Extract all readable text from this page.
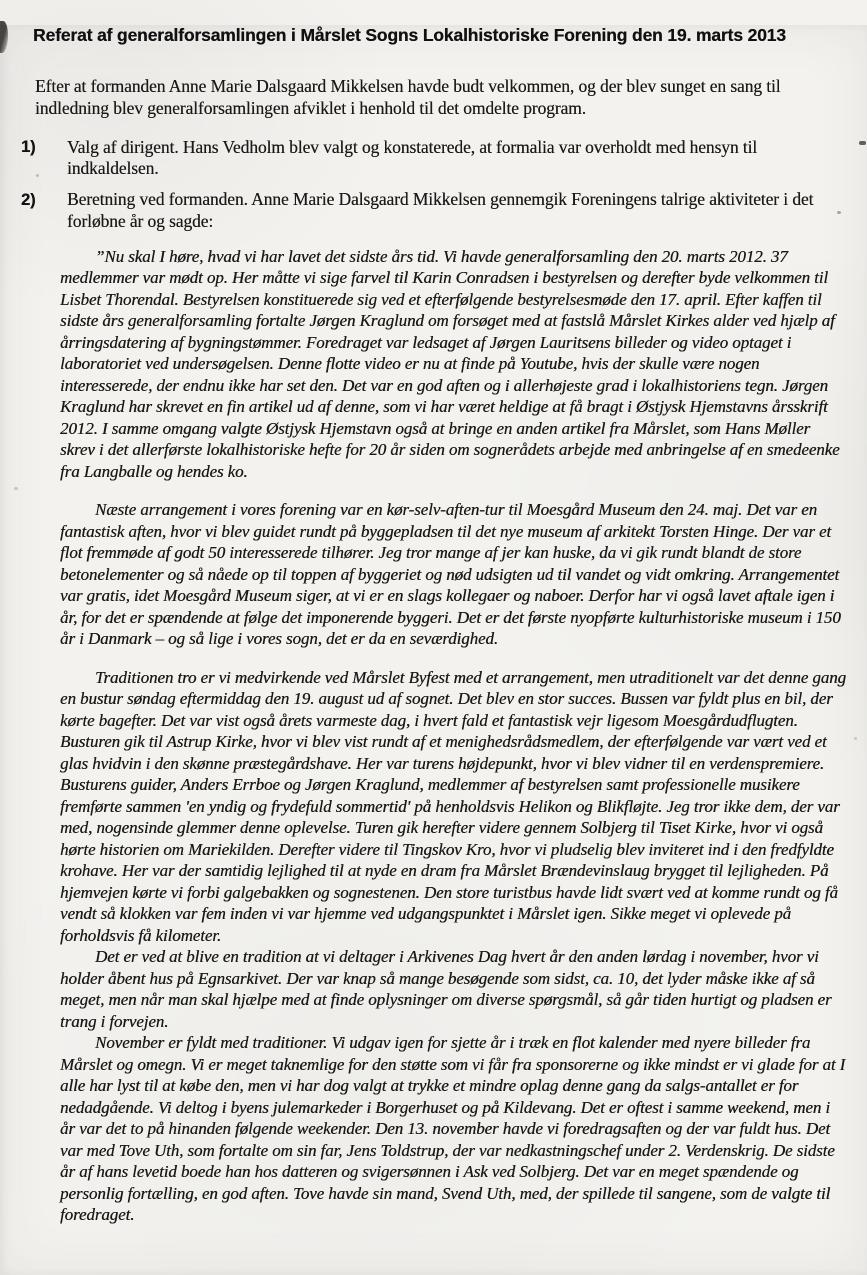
Referat af generalforsamlingen i Mårslet Sogns Lokalhistoriske Forening den 19. marts 2013

Efter at formanden Anne Marie Dalsgaard Mikkelsen havde budt velkommen, og der blev sunget en sang til indledning blev generalforsamlingen afviklet i henhold til det omdelte program.

1) Valg af dirigent. Hans Vedholm blev valgt og konstaterede, at formalia var overholdt med hensyn til indkaldelsen.
2) Beretning ved formanden. Anne Marie Dalsgaard Mikkelsen gennemgik Foreningens talrige aktiviteter i det forløbne år og sagde:

”Nu skal I høre, hvad vi har lavet det sidste års tid. Vi havde generalforsamling den 20. marts 2012. 37 medlemmer var mødt op. Her måtte vi sige farvel til Karin Conradsen i bestyrelsen og derefter byde velkommen til Lisbet Thorendal. Bestyrelsen konstituerede sig ved et efterfølgende bestyrelsesmøde den 17. april. Efter kaffen til sidste års generalforsamling fortalte Jørgen Kraglund om forsøget med at fastslå Mårslet Kirkes alder ved hjælp af årringsdatering af bygningstømmer. Foredraget var ledsaget af Jørgen Lauritsens billeder og video optaget i laboratoriet ved undersøgelsen. Denne flotte video er nu at finde på Youtube, hvis der skulle være nogen interesserede, der endnu ikke har set den. Det var en god aften og i allerhøjeste grad i lokalhistoriens tegn. Jørgen Kraglund har skrevet en fin artikel ud af denne, som vi har været heldige at få bragt i Østjysk Hjemstavns årsskrift 2012. I samme omgang valgte Østjysk Hjemstavn også at bringe en anden artikel fra Mårslet, som Hans Møller skrev i det allerførste lokalhistoriske hefte for 20 år siden om sognerådets arbejde med anbringelse af en smedeenke fra Langballe og hendes ko.

Næste arrangement i vores forening var en kør-selv-aften-tur til Moesgård Museum den 24. maj. Det var en fantastisk aften, hvor vi blev guidet rundt på byggepladsen til det nye museum af arkitekt Torsten Hinge. Der var et flot fremmøde af godt 50 interesserede tilhører. Jeg tror mange af jer kan huske, da vi gik rundt blandt de store betonelementer og så nåede op til toppen af byggeriet og nød udsigten ud til vandet og vidt omkring. Arrangementet var gratis, idet Moesgård Museum siger, at vi er en slags kollegaer og naboer. Derfor har vi også lavet aftale igen i år, for det er spændende at følge det imponerende byggeri. Det er det første nyopførte kulturhistoriske museum i 150 år i Danmark – og så lige i vores sogn, det er da en seværdighed.

Traditionen tro er vi medvirkende ved Mårslet Byfest med et arrangement, men utraditionelt var det denne gang en bustur søndag eftermiddag den 19. august ud af sognet. Det blev en stor succes. Bussen var fyldt plus en bil, der kørte bagefter. Det var vist også årets varmeste dag, i hvert fald et fantastisk vejr ligesom Moesgårdudflugten. Busturen gik til Astrup Kirke, hvor vi blev vist rundt af et menighedsrådsmedlem, der efterfølgende var vært ved et glas hvidvin i den skønne præstegårdshave. Her var turens højdepunkt, hvor vi blev vidner til en verdenspremiere. Busturens guider, Anders Errboe og Jørgen Kraglund, medlemmer af bestyrelsen samt professionelle musikere fremførte sammen 'en yndig og frydefuld sommertid' på henholdsvis Helikon og Blikfløjte. Jeg tror ikke dem, der var med, nogensinde glemmer denne oplevelse. Turen gik herefter videre gennem Solbjerg til Tiset Kirke, hvor vi også hørte historien om Mariekilden. Derefter videre til Tingskov Kro, hvor vi pludselig blev inviteret ind i den fredfyldte krohave. Her var der samtidig lejlighed til at nyde en dram fra Mårslet Brændevinslaug brygget til lejligheden. På hjemvejen kørte vi forbi galgebakken og sognestenen. Den store turistbus havde lidt svært ved at komme rundt og få vendt så klokken var fem inden vi var hjemme ved udgangspunktet i Mårslet igen. Sikke meget vi oplevede på forholdsvis få kilometer.

Det er ved at blive en tradition at vi deltager i Arkivenes Dag hvert år den anden lørdag i november, hvor vi holder åbent hus på Egnsarkivet. Der var knap så mange besøgende som sidst, ca. 10, det lyder måske ikke af så meget, men når man skal hjælpe med at finde oplysninger om diverse spørgsmål, så går tiden hurtigt og pladsen er trang i forvejen.

November er fyldt med traditioner. Vi udgav igen for sjette år i træk en flot kalender med nyere billeder fra Mårslet og omegn. Vi er meget taknemlige for den støtte som vi får fra sponsorerne og ikke mindst er vi glade for at I alle har lyst til at købe den, men vi har dog valgt at trykke et mindre oplag denne gang da salgs-antallet er for nedadgående. Vi deltog i byens julemarkeder i Borgerhuset og på Kildevang. Det er oftest i samme weekend, men i år var det to på hinanden følgende weekender. Den 13. november havde vi foredragsaften og der var fuldt hus. Det var med Tove Uth, som fortalte om sin far, Jens Toldstrup, der var nedkastningschef under 2. Verdenskrig. De sidste år af hans levetid boede han hos datteren og svigersønnen i Ask ved Solbjerg. Det var en meget spændende og personlig fortælling, en god aften. Tove havde sin mand, Svend Uth, med, der spillede til sangene, som de valgte til foredraget.
